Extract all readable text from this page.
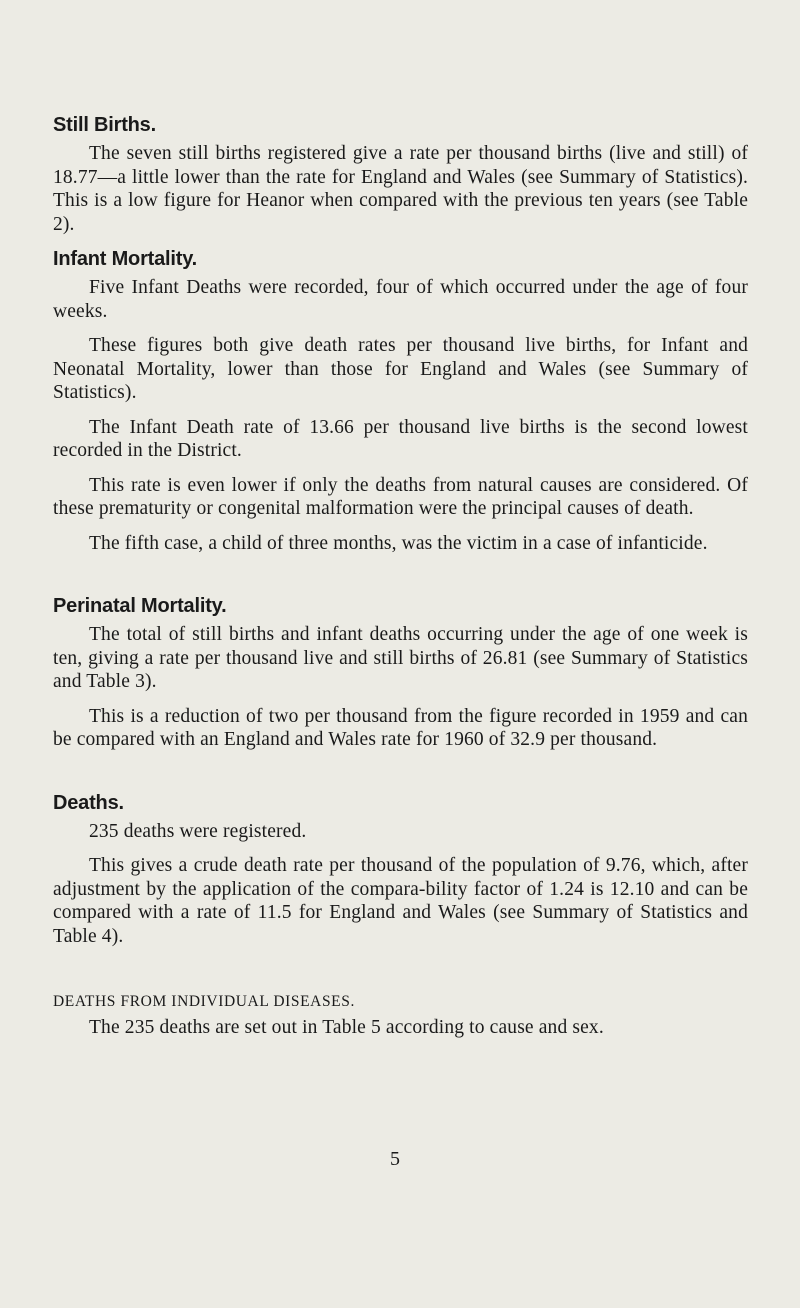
Still Births.

The seven still births registered give a rate per thousand births (live and still) of 18.77—a little lower than the rate for England and Wales (see Summary of Statistics). This is a low figure for Heanor when compared with the previous ten years (see Table 2).

Infant Mortality.

Five Infant Deaths were recorded, four of which occurred under the age of four weeks.

These figures both give death rates per thousand live births, for Infant and Neonatal Mortality, lower than those for England and Wales (see Summary of Statistics).

The Infant Death rate of 13.66 per thousand live births is the second lowest recorded in the District.

This rate is even lower if only the deaths from natural causes are considered. Of these prematurity or congenital malformation were the principal causes of death.

The fifth case, a child of three months, was the victim in a case of infanticide.

Perinatal Mortality.

The total of still births and infant deaths occurring under the age of one week is ten, giving a rate per thousand live and still births of 26.81 (see Summary of Statistics and Table 3).

This is a reduction of two per thousand from the figure recorded in 1959 and can be compared with an England and Wales rate for 1960 of 32.9 per thousand.

Deaths.

235 deaths were registered.

This gives a crude death rate per thousand of the population of 9.76, which, after adjustment by the application of the compara-bility factor of 1.24 is 12.10 and can be compared with a rate of 11.5 for England and Wales (see Summary of Statistics and Table 4).

DEATHS FROM INDIVIDUAL DISEASES.

The 235 deaths are set out in Table 5 according to cause and sex.

5
